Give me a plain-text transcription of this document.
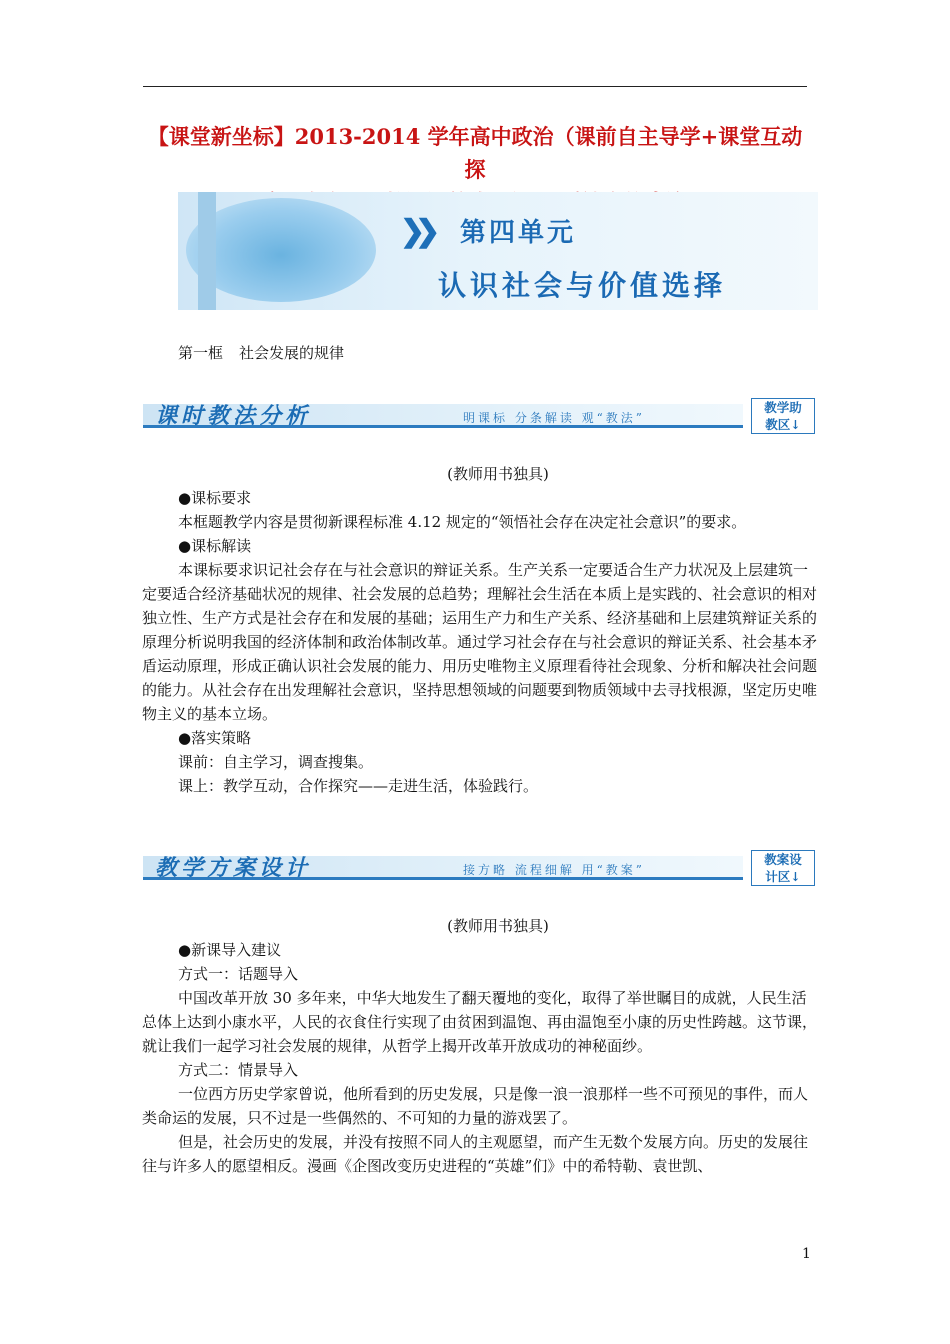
【课堂新坐标】2013-2014 学年高中政治（课前自主导学+课堂互动探
❯❯ 第四单元
认识社会与价值选择
第一框 社会发展的规律
课时教法分析	明课标 分条解读 观“教法”
教学助
教区↓

(教师用书独具)

●课标要求

本框题教学内容是贯彻新课程标准 4.12 规定的“领悟社会存在决定社会意识”的要求。

●课标解读

本课标要求识记社会存在与社会意识的辩证关系。生产关系一定要适合生产力状况及上层建筑一定要适合经济基础状况的规律、社会发展的总趋势；理解社会生活在本质上是实践的、社会意识的相对独立性、生产方式是社会存在和发展的基础；运用生产力和生产关系、经济基础和上层建筑辩证关系的原理分析说明我国的经济体制和政治体制改革。通过学习社会存在与社会意识的辩证关系、社会基本矛盾运动原理，形成正确认识社会发展的能力、用历史唯物主义原理看待社会现象、分析和解决社会问题的能力。从社会存在出发理解社会意识，坚持思想领域的问题要到物质领域中去寻找根源，坚定历史唯物主义的基本立场。

●落实策略

课前：自主学习，调查搜集。

课上：教学互动，合作探究——走进生活，体验践行。

教学方案设计	接方略 流程细解 用“教案”
教案设
计区↓

(教师用书独具)

●新课导入建议

方式一：话题导入

中国改革开放 30 多年来，中华大地发生了翻天覆地的变化，取得了举世瞩目的成就，人民生活总体上达到小康水平，人民的衣食住行实现了由贫困到温饱、再由温饱至小康的历史性跨越。这节课，就让我们一起学习社会发展的规律，从哲学上揭开改革开放成功的神秘面纱。

方式二：情景导入

一位西方历史学家曾说，他所看到的历史发展，只是像一浪一浪那样一些不可预见的事件，而人类命运的发展，只不过是一些偶然的、不可知的力量的游戏罢了。

但是，社会历史的发展，并没有按照不同人的主观愿望，而产生无数个发展方向。历史的发展往往与许多人的愿望相反。漫画《企图改变历史进程的“英雄”们》中的希特勒、袁世凯、

1
